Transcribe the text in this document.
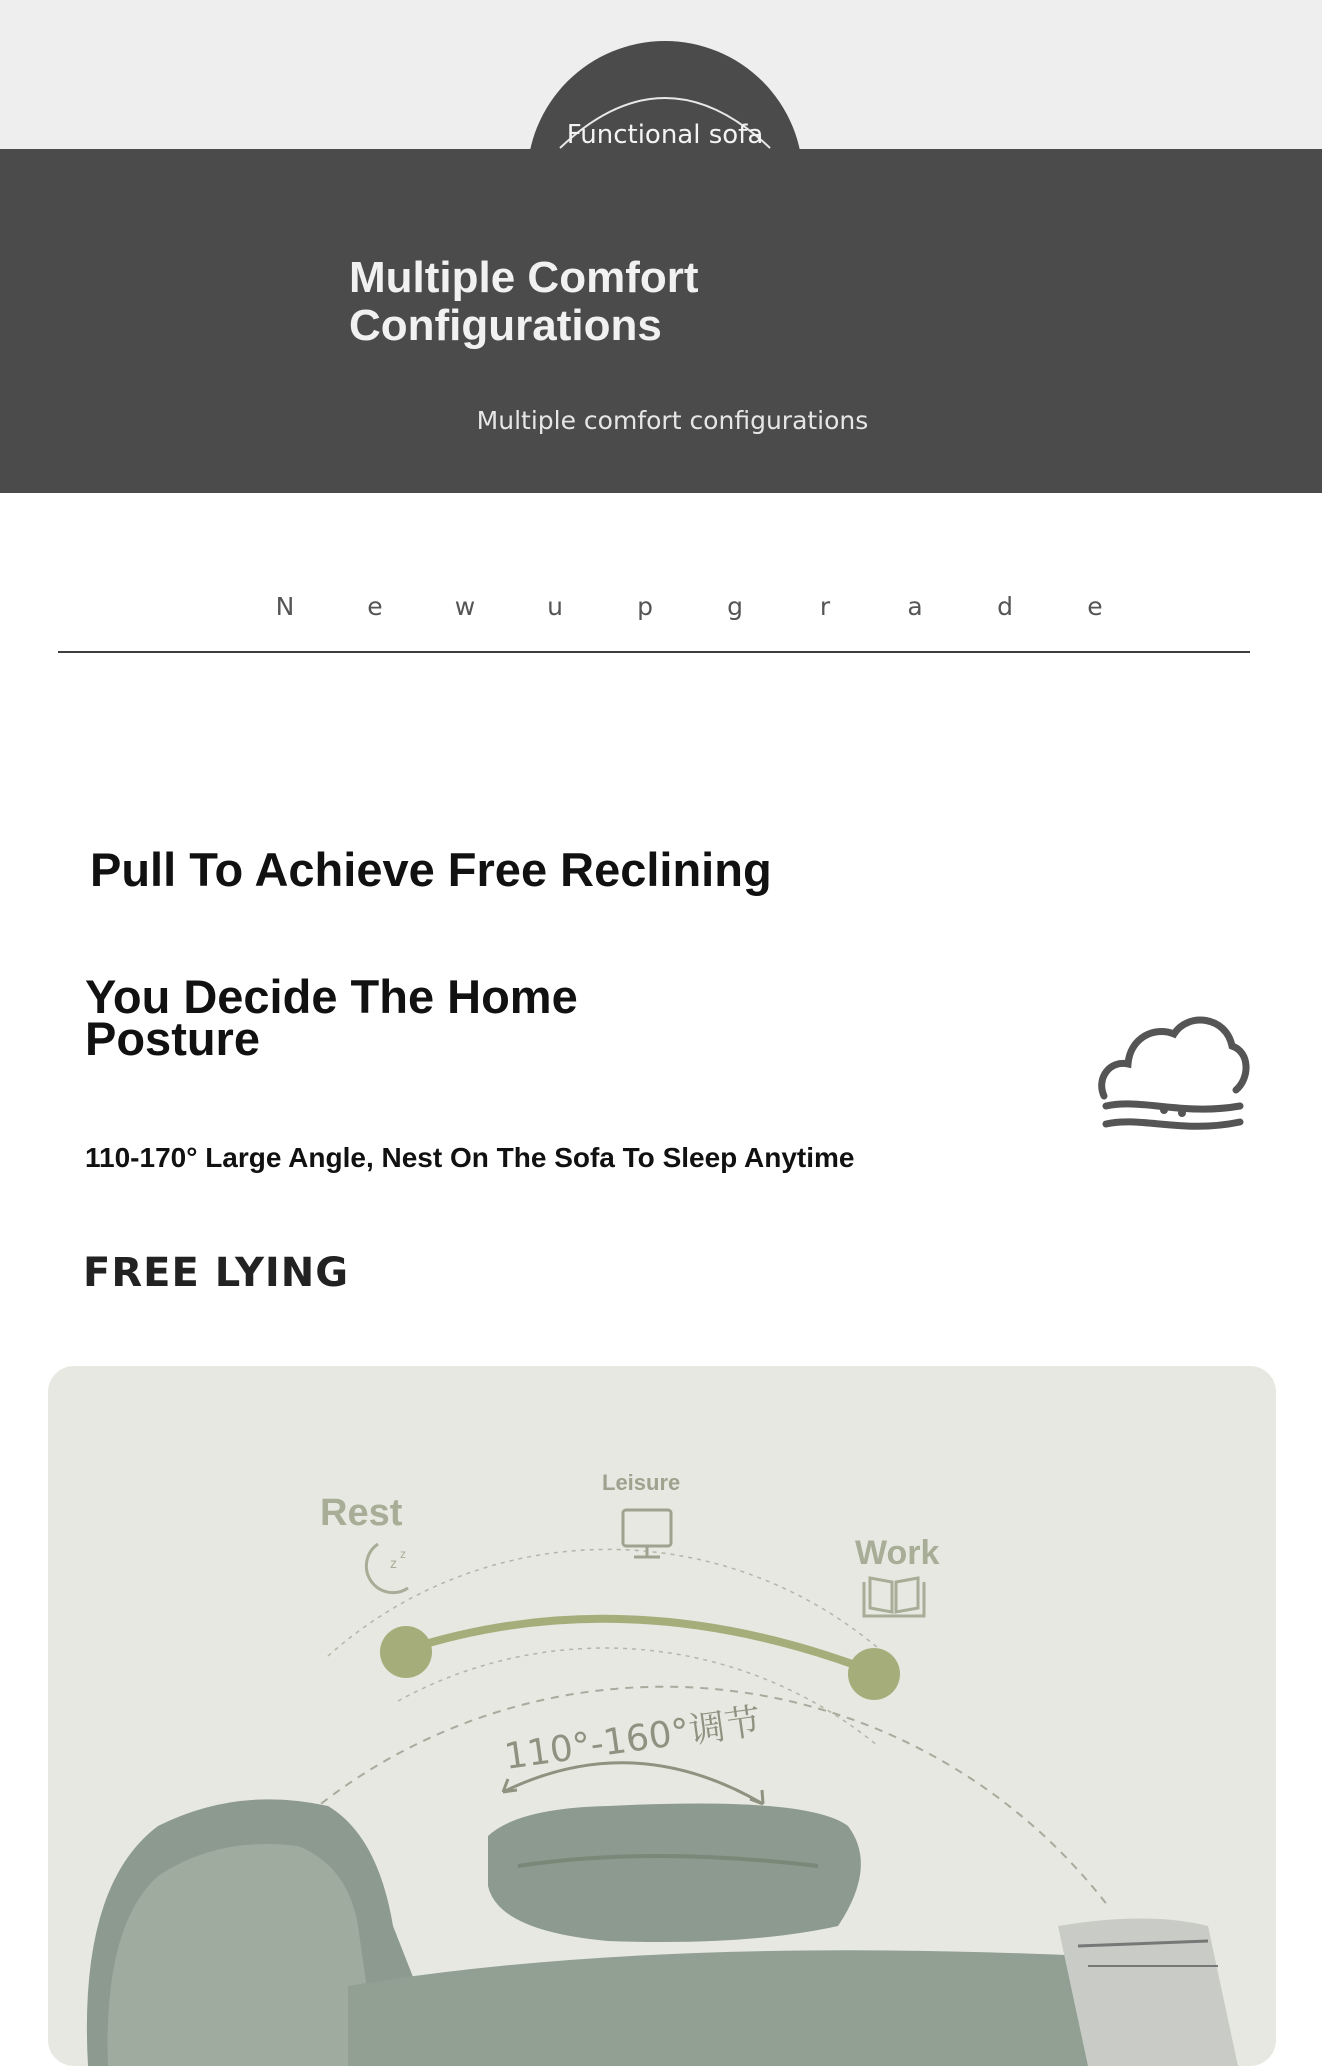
Functional sofa
Multiple Comfort
Configurations
Multiple comfort configurations
N	e	w	u	p	g	r	a	d	e
Pull To Achieve Free Reclining
You Decide The Home
Posture
110-170° Large Angle, Nest On The Sofa To Sleep Anytime
FREE LYING
110°-160°调节
z
z
Rest
Leisure
Work
